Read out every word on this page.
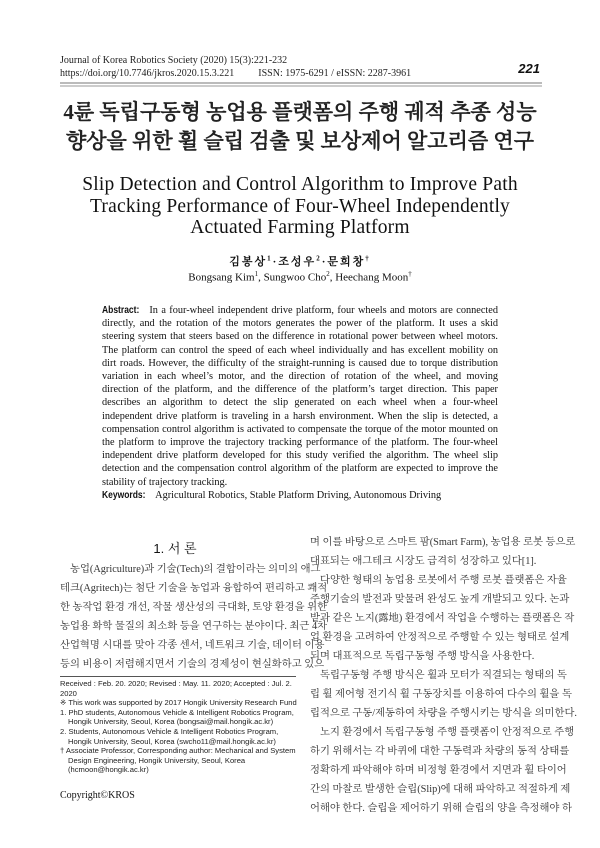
Journal of Korea Robotics Society (2020) 15(3):221-232
https://doi.org/10.7746/jkros.2020.15.3.221 ISSN: 1975-6291 / eISSN: 2287-3961	221
4륜 독립구동형 농업용 플랫폼의 주행 궤적 추종 성능
향상을 위한 휠 슬립 검출 및 보상제어 알고리즘 연구
Slip Detection and Control Algorithm to Improve Path
Tracking Performance of Four-Wheel Independently
Actuated Farming Platform
김봉상$^1$·조성우$^2$·문희창†
Bongsang Kim$^1$, Sungwoo Cho$^2$, Heechang Moon†
Abstract: In a four-wheel independent drive platform, four wheels and motors are connected directly, and the rotation of the motors generates the power of the platform. It uses a skid steering system that steers based on the difference in rotational power between wheel motors. The platform can control the speed of each wheel individually and has excellent mobility on dirt roads. However, the difficulty of the straight-running is caused due to torque distribution variation in each wheel’s motor, and the direction of rotation of the wheel, and moving direction of the platform, and the difference of the platform’s target direction. This paper describes an algorithm to detect the slip generated on each wheel when a four-wheel independent drive platform is traveling in a harsh environment. When the slip is detected, a compensation control algorithm is activated to compensate the torque of the motor mounted on the platform to improve the trajectory tracking performance of the platform. The four-wheel independent drive platform developed for this study verified the algorithm. The wheel slip detection and the compensation control algorithm of the platform are expected to improve the stability of trajectory tracking.
Keywords: Agricultural Robotics, Stable Platform Driving, Autonomous Driving
1. 서 론
농업(Agriculture)과 기술(Tech)의 결합이라는 의미의 애그
테크(Agritech)는 첨단 기술을 농업과 융합하여 편리하고 쾌적
한 농작업 환경 개선, 작물 생산성의 극대화, 토양 환경을 위한
농업용 화학 물질의 최소화 등을 연구하는 분야이다. 최근 4차
산업혁명 시대를 맞아 각종 센서, 네트워크 기술, 데이터 이용
등의 비용이 저렴해지면서 기술의 경제성이 현실화하고 있으
며 이를 바탕으로 스마트 팜(Smart Farm), 농업용 로봇 등으로
대표되는 애그테크 시장도 급격히 성장하고 있다[1].
다양한 형태의 농업용 로봇에서 주행 로봇 플랫폼은 자율
주행기술의 발전과 맞물려 완성도 높게 개발되고 있다. 논과
밭과 같은 노지(露地) 환경에서 작업을 수행하는 플랫폼은 작
업 환경을 고려하여 안정적으로 주행할 수 있는 형태로 설계
되며 대표적으로 독립구동형 주행 방식을 사용한다.
독립구동형 주행 방식은 휠과 모터가 직결되는 형태의 독
립 휠 제어형 전기식 휠 구동장치를 이용하여 다수의 휠을 독
립적으로 구동/제동하여 차량을 주행시키는 방식을 의미한다.
노지 환경에서 독립구동형 주행 플랫폼이 안정적으로 주행
하기 위해서는 각 바퀴에 대한 구동력과 차량의 동적 상태를
정확하게 파악해야 하며 비정형 환경에서 지면과 휠 타이어
간의 마찰로 발생한 슬립(Slip)에 대해 파악하고 적절하게 제
어해야 한다. 슬립을 제어하기 위해 슬립의 양을 측정해야 하
Received : Feb. 20. 2020; Revised : May. 11. 2020; Accepted : Jul. 2. 2020
※ This work was supported by 2017 Hongik University Research Fund
1. PhD students, Autonomous Vehicle & Intelligent Robotics Program, Hongik University, Seoul, Korea (bongsai@mail.hongik.ac.kr)
2. Students, Autonomous Vehicle & Intelligent Robotics Program, Hongik University, Seoul, Korea (swcho11@mail.hongik.ac.kr)
† Associate Professor, Corresponding author: Mechanical and System Design Engineering, Hongik University, Seoul, Korea (hcmoon@hongik.ac.kr)
Copyright©KROS
